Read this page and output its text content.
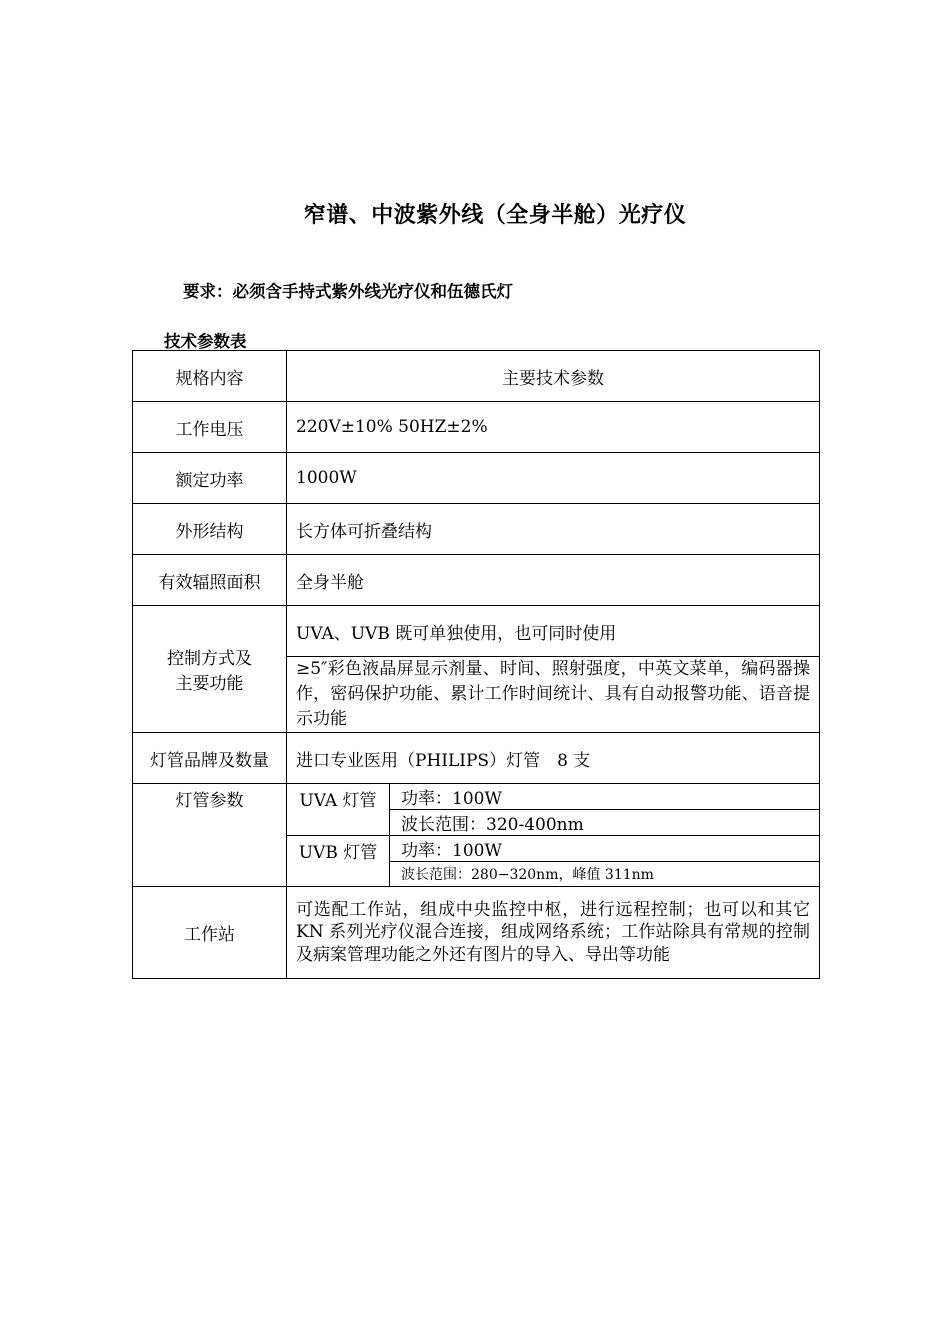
窄谱、中波紫外线（全身半舱）光疗仪
要求：必须含手持式紫外线光疗仪和伍德氏灯
技术参数表
规格内容	主要技术参数	
工作电压	220V±10% 50HZ±2%	
额定功率	1000W	
外形结构	长方体可折叠结构	
有效辐照面积	全身半舱	

控制方式及
主要功能	UVA、UVB 既可单独使用，也可同时使用	
	≥5″彩色液晶屏显示剂量、时间、照射强度，中英文菜单，编码器操作，密码保护功能、累计工作时间统计、具有自动报警功能、语音提示功能	
灯管品牌及数量	进口专业医用（PHILIPS）灯管　8 支	
灯管参数	UVA 灯管	功率：100W
		波长范围：320-400nm
	UVB 灯管	功率：100W
		波长范围：280−320nm，峰值 311nm
工作站	可选配工作站，组成中央监控中枢，进行远程控制；也可以和其它 KN 系列光疗仪混合连接，组成网络系统；工作站除具有常规的控制及病案管理功能之外还有图片的导入、导出等功能	
